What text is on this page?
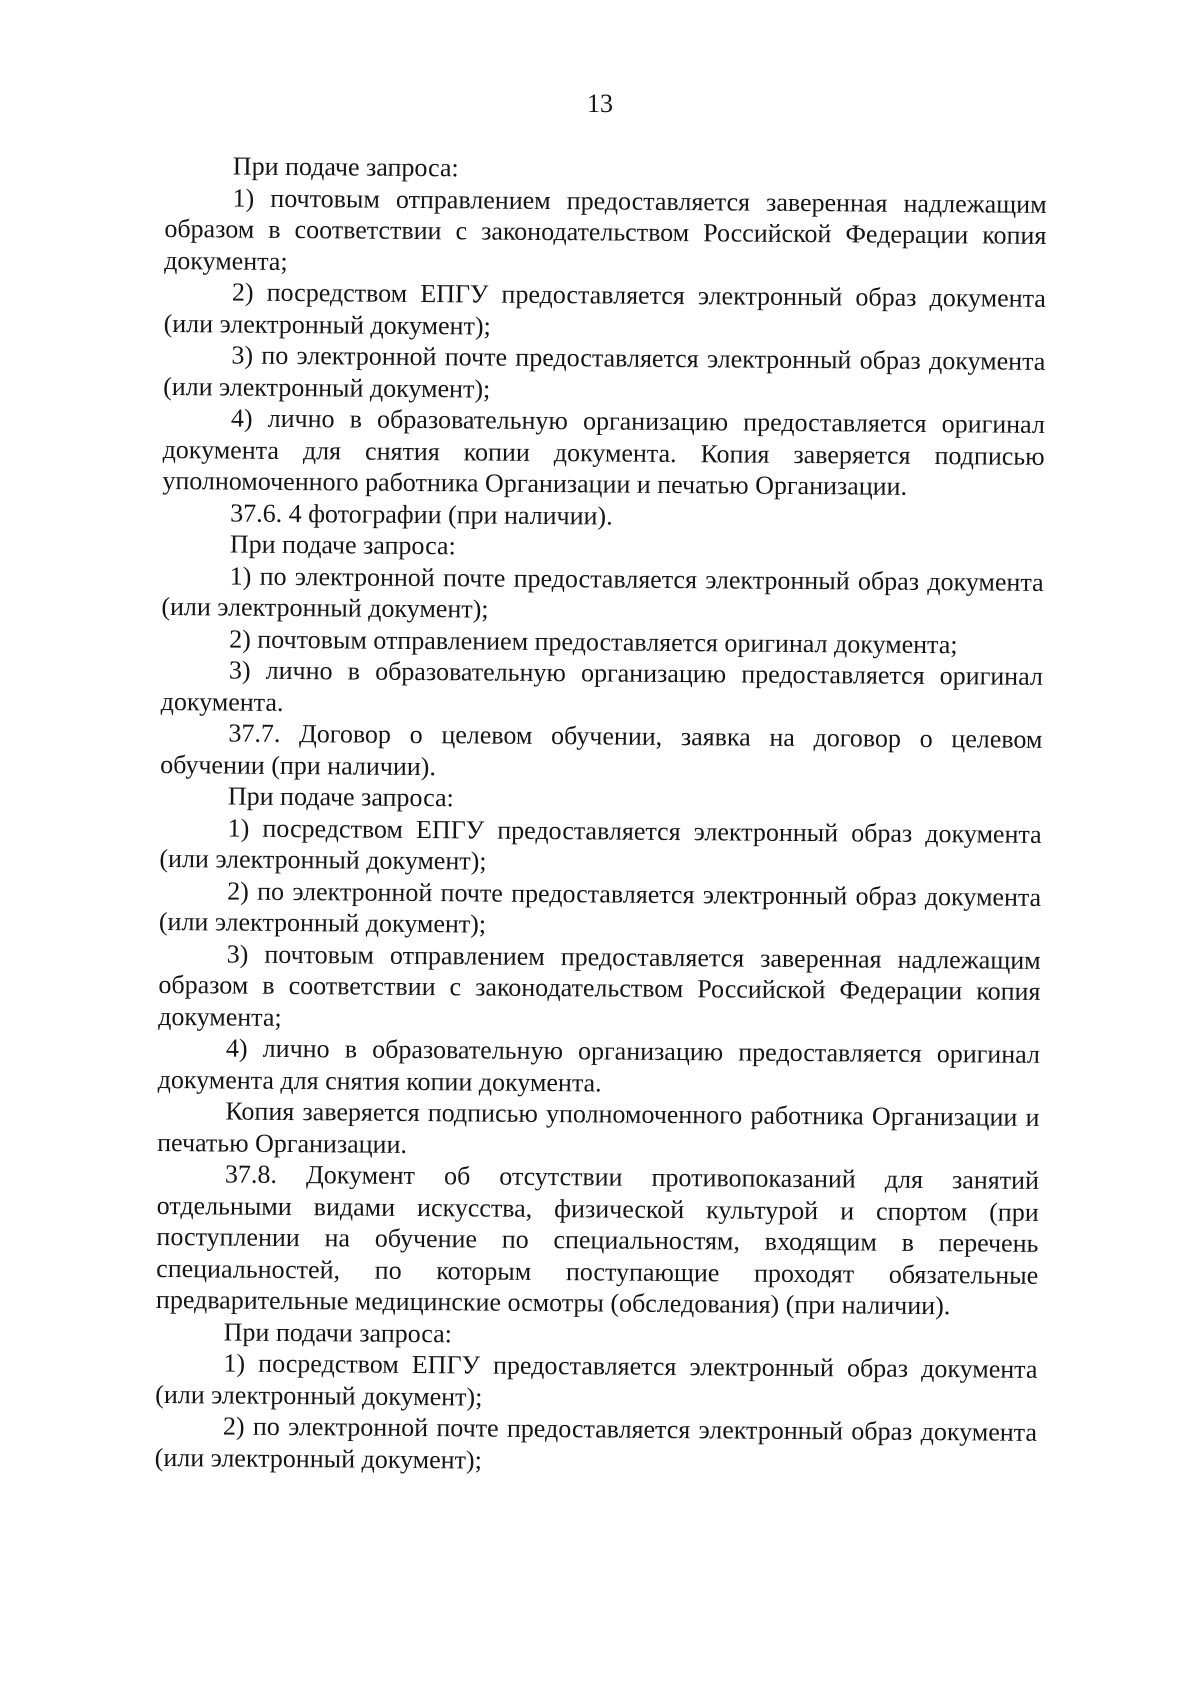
13

При подаче запроса:

1) почтовым отправлением предоставляется заверенная надлежащим образом в соответствии с законодательством Российской Федерации копия документа;

2) посредством ЕПГУ предоставляется электронный образ документа (или электронный документ);

3) по электронной почте предоставляется электронный образ документа (или электронный документ);

4) лично в образовательную организацию предоставляется оригинал документа для снятия копии документа. Копия заверяется подписью уполномоченного работника Организации и печатью Организации.

37.6. 4 фотографии (при наличии).

При подаче запроса:

1) по электронной почте предоставляется электронный образ документа (или электронный документ);

2) почтовым отправлением предоставляется оригинал документа;

3) лично в образовательную организацию предоставляется оригинал документа.

37.7. Договор о целевом обучении, заявка на договор о целевом обучении (при наличии).

При подаче запроса:

1) посредством ЕПГУ предоставляется электронный образ документа (или электронный документ);

2) по электронной почте предоставляется электронный образ документа (или электронный документ);

3) почтовым отправлением предоставляется заверенная надлежащим образом в соответствии с законодательством Российской Федерации копия документа;

4) лично в образовательную организацию предоставляется оригинал документа для снятия копии документа.

Копия заверяется подписью уполномоченного работника Организации и печатью Организации.

37.8. Документ об отсутствии противопоказаний для занятий отдельными видами искусства, физической культурой и спортом (при поступлении на обучение по специальностям, входящим в перечень специальностей, по которым поступающие проходят обязательные предварительные медицинские осмотры (обследования) (при наличии).

При подачи запроса:

1) посредством ЕПГУ предоставляется электронный образ документа (или электронный документ);

2) по электронной почте предоставляется электронный образ документа (или электронный документ);
